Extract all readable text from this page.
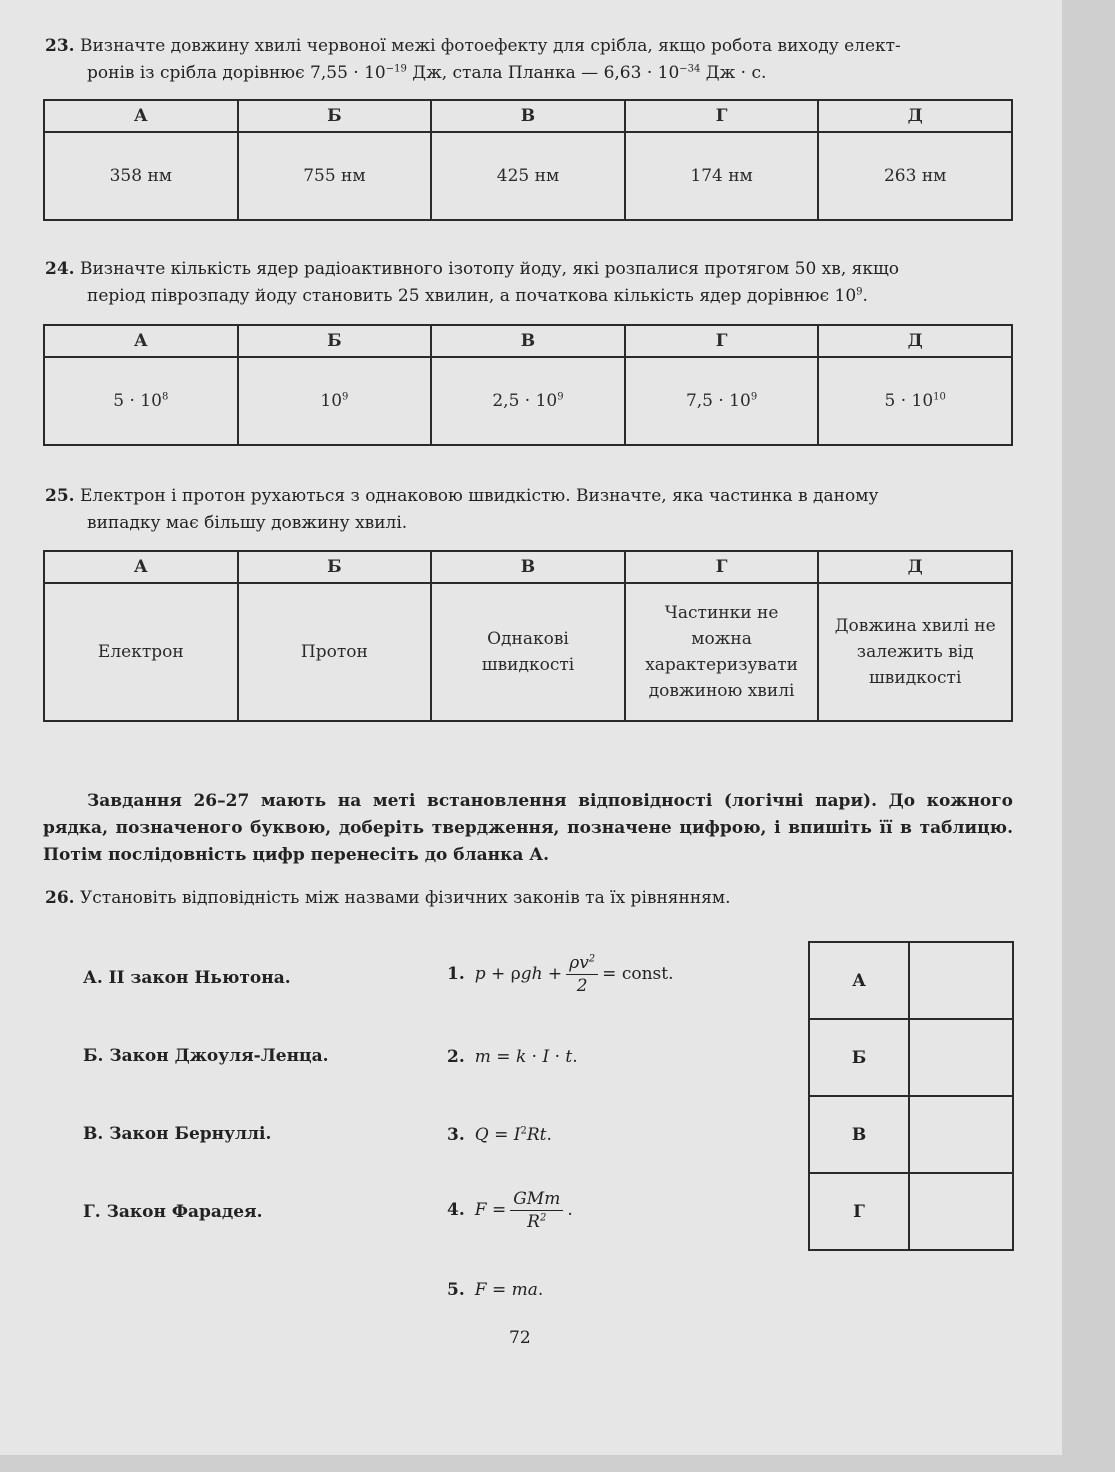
23. Визначте довжину хвилі червоної межі фотоефекту для срібла, якщо робота виходу елект-
ронів із срібла дорівнює $7,55 \cdot 10^{-19}$ Дж, стала Планка — $6,63 \cdot 10^{-34}$ Дж · с.
А	Б	В	Г	Д
358 нм	755 нм	425 нм	174 нм	263 нм
24. Визначте кількість ядер радіоактивного ізотопу йоду, які розпалися протягом 50 хв, якщо
період піврозпаду йоду становить 25 хвилин, а початкова кількість ядер дорівнює $10^9$.
А	Б	В	Г	Д
$5 \cdot 10^8$	$10^9$	$2,5 \cdot 10^9$	$7,5 \cdot 10^9$	$5 \cdot 10^{10}$
25. Електрон і протон рухаються з однаковою швидкістю. Визначте, яка частинка в даному
випадку має більшу довжину хвилі.
А	Б	В	Г	Д
Електрон	Протон	Однакові швидкості	Частинки не можна характеризувати довжиною хвилі	Довжина хвилі не залежить від швидкості
Завдання 26–27 мають на меті встановлення відповідності (логічні пари). До кожного рядка, позначеного буквою, доберіть твердження, позначене цифрою, і впишіть її в таблицю. Потім послідовність цифр перенесіть до бланка А.
26. Установіть відповідність між назвами фізичних законів та їх рівнянням.
А. II закон Ньютона.
Б. Закон Джоуля-Ленца.
В. Закон Бернуллі.
Г. Закон Фарадея.
1. $p + \rho gh + \frac{\rho v^2}{2}$ = const.
2. m = k · I · t.
3. $Q = I^2Rt$.
4. $F = \frac{\text{GMm}}{R^2}$ .
5. F = ma.
А	
Б	
В	
Г	
72
